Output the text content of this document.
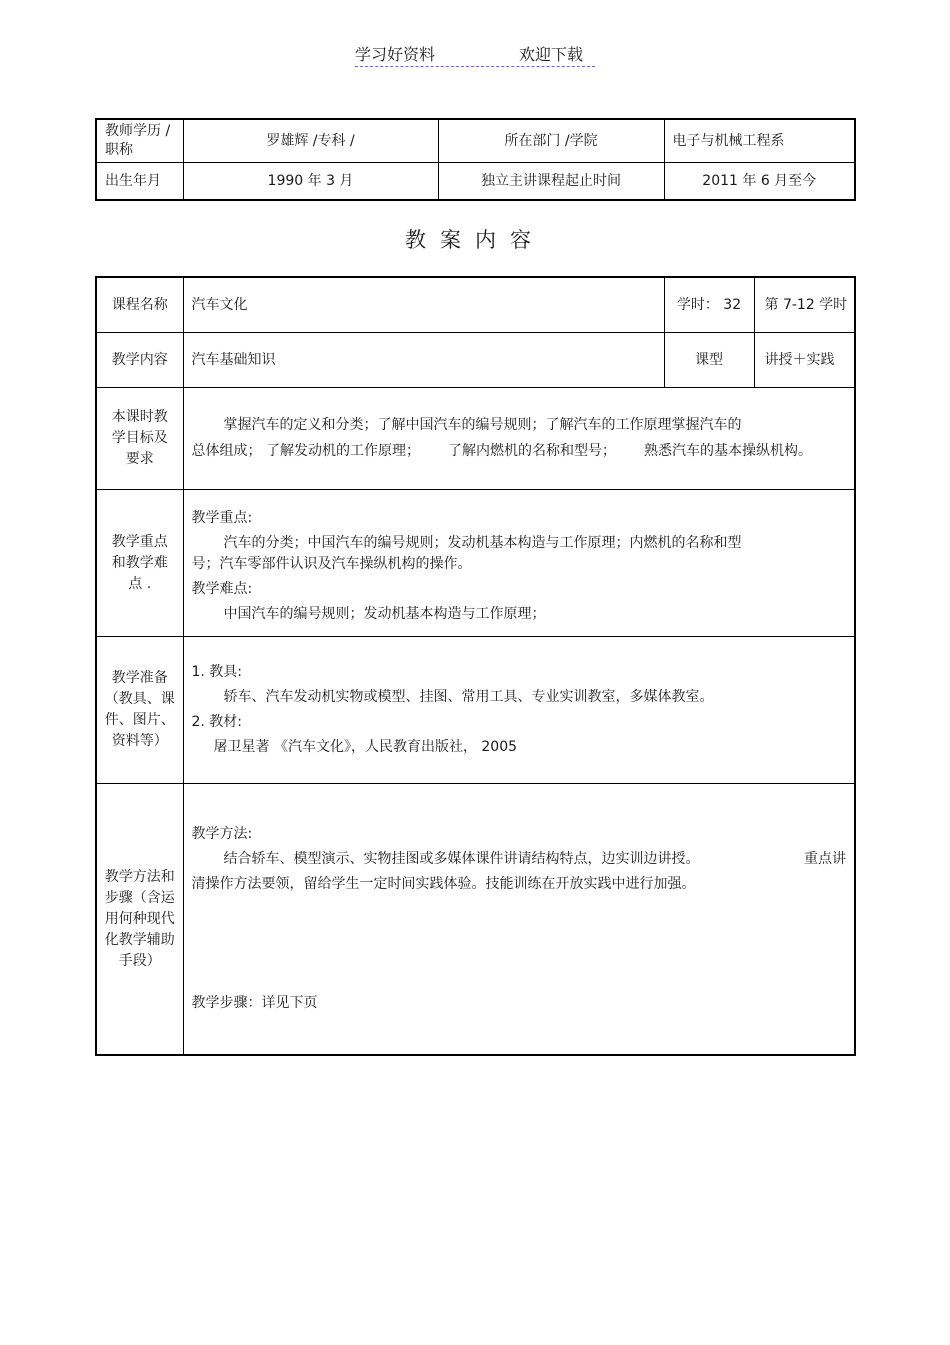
学习好资料	欢迎下载
教师学历 /职称	罗雄辉 /专科 /	所在部门 /学院	电子与机械工程系
出生年月	1990 年 3 月	独立主讲课程起止时间	2011 年 6 月至今
教案内容
课程名称	汽车文化	学时： 32	第 7-12 学时
教学内容	汽车基础知识	课型	讲授＋实践

本课时教学目标及要求	掌握汽车的定义和分类；了解中国汽车的编号规则；了解汽车的工作原理掌握汽车的
总体组成； 了解发动机的工作原理； 了解内燃机的名称和型号； 熟悉汽车的基本操纵机构。		

教学重点和教学难点 .	教学重点:
汽车的分类；中国汽车的编号规则；发动机基本构造与工作原理；内燃机的名称和型
号；汽车零部件认识及汽车操纵机构的操作。
教学难点:
中国汽车的编号规则；发动机基本构造与工作原理；		

教学准备（教具、课件、图片、资料等）	1. 教具:
轿车、汽车发动机实物或模型、挂图、常用工具、专业实训教室，多媒体教室。
2. 教材:
屠卫星著 《汽车文化》，人民教育出版社， 2005		

教学方法和步骤（含运用何种现代化教学辅助手段）	教学方法:
结合轿车、模型演示、实物挂图或多媒体课件讲请结构特点，边实训边讲授。 重点讲
清操作方法要领，留给学生一定时间实践体验。技能训练在开放实践中进行加强。
教学步骤：详见下页		
